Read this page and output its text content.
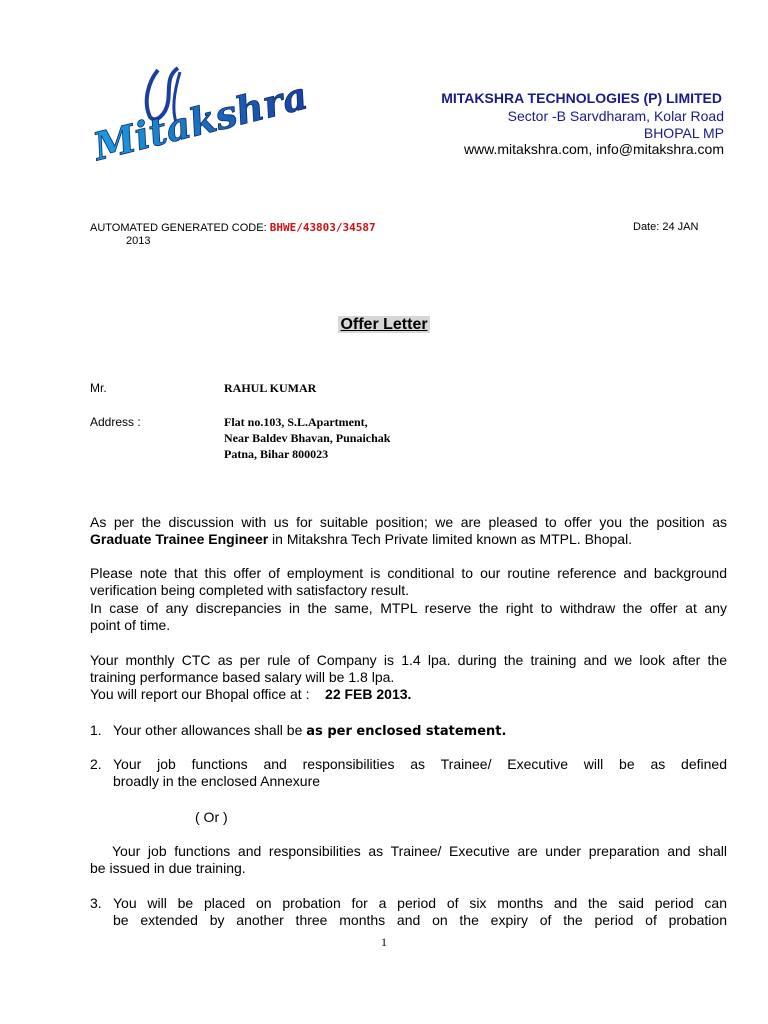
Mitakshra	MITAKSHRA TECHNOLOGIES (P) LIMITED
Sector -B Sarvdharam, Kolar Road
BHOPAL MP
www.mitakshra.com, info@mitakshra.com
AUTOMATED GENERATED CODE: BHWE/43803/34587	Date: 24 JAN
2013
Offer Letter
Mr.	RAHUL KUMAR
Address :	Flat no.103, S.L.Apartment,
Near Baldev Bhavan, Punaichak
Patna, Bihar 800023
As per the discussion with us for suitable position; we are pleased to offer you the position as
Graduate Trainee Engineer in Mitakshra Tech Private limited known as MTPL. Bhopal.
Please note that this offer of employment is conditional to our routine reference and background
verification being completed with satisfactory result.
In case of any discrepancies in the same, MTPL reserve the right to withdraw the offer at any
point of time.
Your monthly CTC as per rule of Company is 1.4 lpa. during the training and we look after the
training performance based salary will be 1.8 lpa.
You will report our Bhopal office at : 22 FEB 2013.
1. Your other allowances shall be as per enclosed statement.
2. Your job functions and responsibilities as Trainee/ Executive will be as defined
broadly in the enclosed Annexure
( Or )
Your job functions and responsibilities as Trainee/ Executive are under preparation and shall
be issued in due training.
3. You will be placed on probation for a period of six months and the said period can
be extended by another three months and on the expiry of the period of probation
1
